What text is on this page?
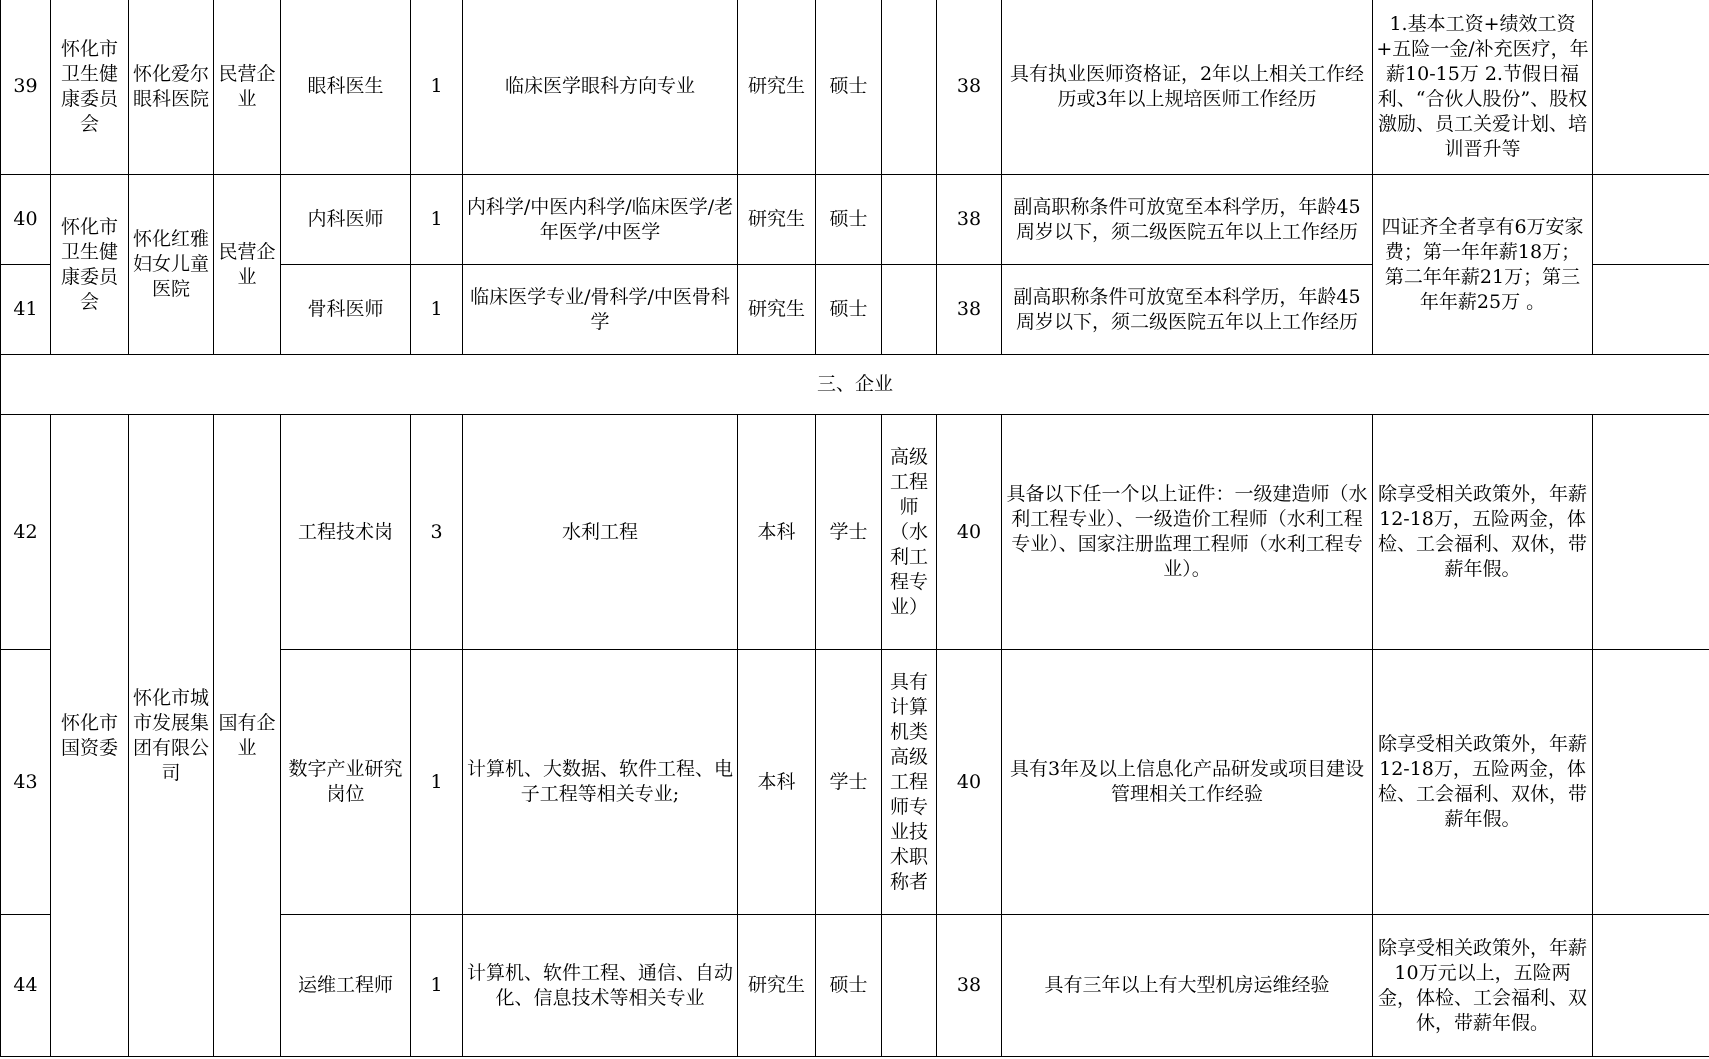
39	怀化市卫生健康委员会	怀化爱尔眼科医院	民营企业	眼科医生	1	临床医学眼科方向专业	研究生	硕士		38	具有执业医师资格证，2年以上相关工作经历或3年以上规培医师工作经历	1.基本工资+绩效工资+五险一金/补充医疗，年薪10-15万 2.节假日福利、“合伙人股份”、股权激励、员工关爱计划、培训晋升等	
40	怀化市卫生健康委员会	怀化红雅妇女儿童医院	民营企业	内科医师	1	内科学/中医内科学/临床医学/老年医学/中医学	研究生	硕士		38	副高职称条件可放宽至本科学历，年龄45周岁以下，须二级医院五年以上工作经历	四证齐全者享有6万安家费；第一年年薪18万；第二年年薪21万；第三年年薪25万 。	
41				骨科医师	1	临床医学专业/骨科学/中医骨科学	研究生	硕士		38	副高职称条件可放宽至本科学历，年龄45周岁以下，须二级医院五年以上工作经历		
三、企业													
42	怀化市国资委	怀化市城市发展集团有限公司	国有企业	工程技术岗	3	水利工程	本科	学士	高级工程师（水利工程专业）	40	具备以下任一个以上证件：一级建造师（水利工程专业）、一级造价工程师（水利工程专业）、国家注册监理工程师（水利工程专业）。	除享受相关政策外，年薪12-18万，五险两金，体检、工会福利、双休，带薪年假。	
43				数字产业研究岗位	1	计算机、大数据、软件工程、电子工程等相关专业;	本科	学士	具有计算机类高级工程师专业技术职称者	40	具有3年及以上信息化产品研发或项目建设管理相关工作经验	除享受相关政策外，年薪12-18万，五险两金，体检、工会福利、双休，带薪年假。	
44				运维工程师	1	计算机、软件工程、通信、自动化、信息技术等相关专业	研究生	硕士		38	具有三年以上有大型机房运维经验	除享受相关政策外，年薪10万元以上，五险两金，体检、工会福利、双休，带薪年假。	
